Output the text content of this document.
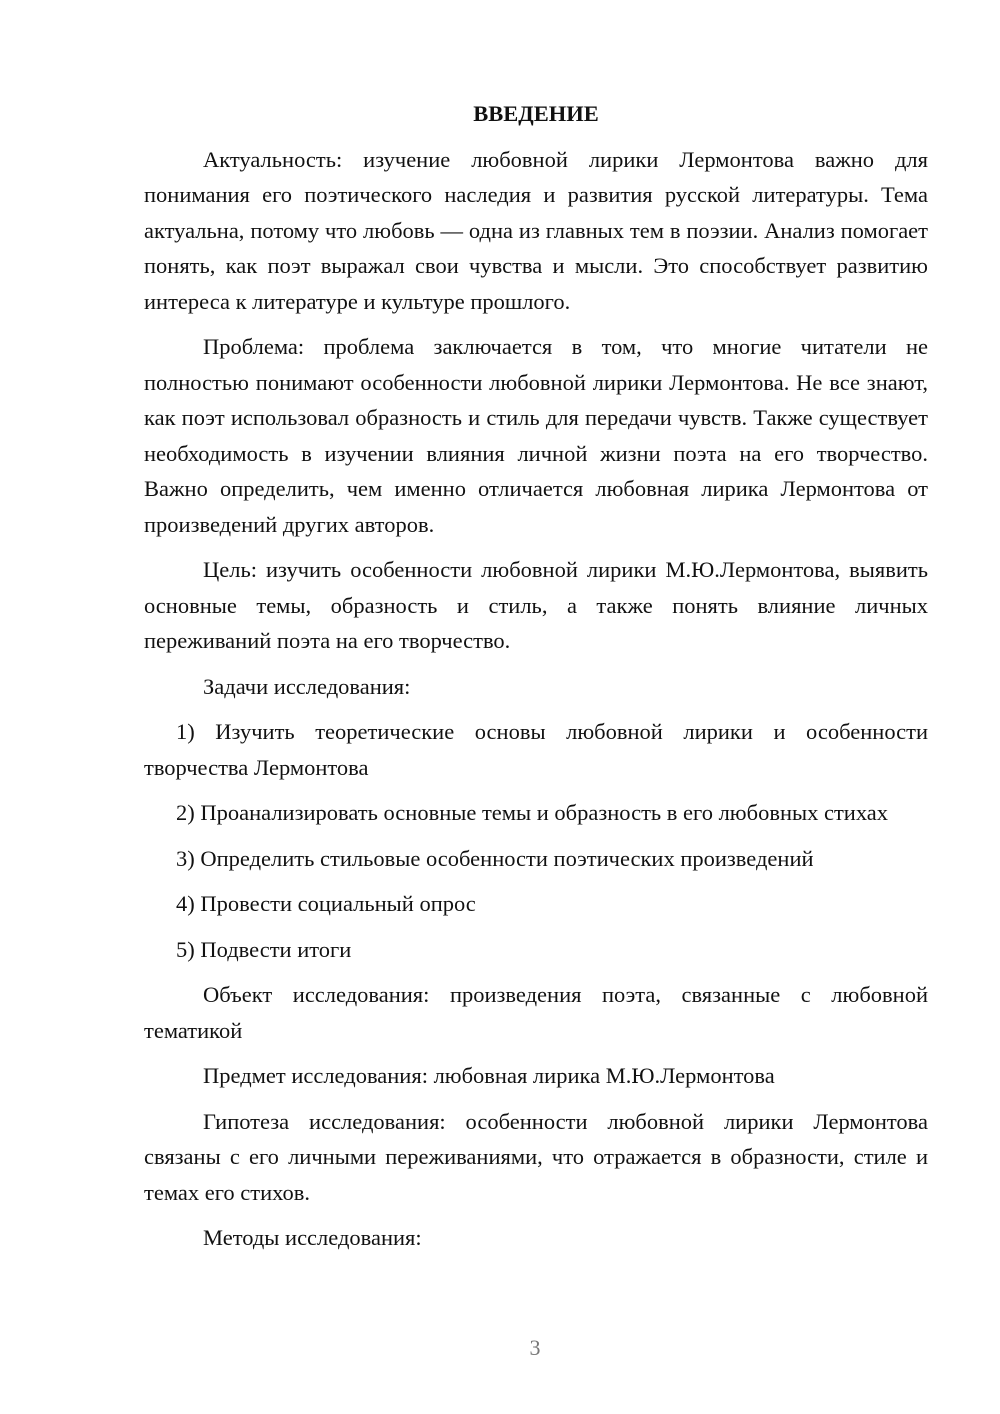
ВВЕДЕНИЕ

Актуальность: изучение любовной лирики Лермонтова важно для понимания его поэтического наследия и развития русской литературы. Тема актуальна, потому что любовь — одна из главных тем в поэзии. Анализ помогает понять, как поэт выражал свои чувства и мысли. Это способствует развитию интереса к литературе и культуре прошлого.

Проблема: проблема заключается в том, что многие читатели не полностью понимают особенности любовной лирики Лермонтова. Не все знают, как поэт использовал образность и стиль для передачи чувств. Также существует необходимость в изучении влияния личной жизни поэта на его творчество. Важно определить, чем именно отличается любовная лирика Лермонтова от произведений других авторов.

Цель: изучить особенности любовной лирики М.Ю.Лермонтова, выявить основные темы, образность и стиль, а также понять влияние личных переживаний поэта на его творчество.

Задачи исследования:

1) Изучить теоретические основы любовной лирики и особенности творчества Лермонтова

2) Проанализировать основные темы и образность в его любовных стихах

3) Определить стильовые особенности поэтических произведений

4) Провести социальный опрос

5) Подвести итоги

Объект исследования: произведения поэта, связанные с любовной тематикой

Предмет исследования: любовная лирика М.Ю.Лермонтова

Гипотеза исследования: особенности любовной лирики Лермонтова связаны с его личными переживаниями, что отражается в образности, стиле и темах его стихов.

Методы исследования:

3
